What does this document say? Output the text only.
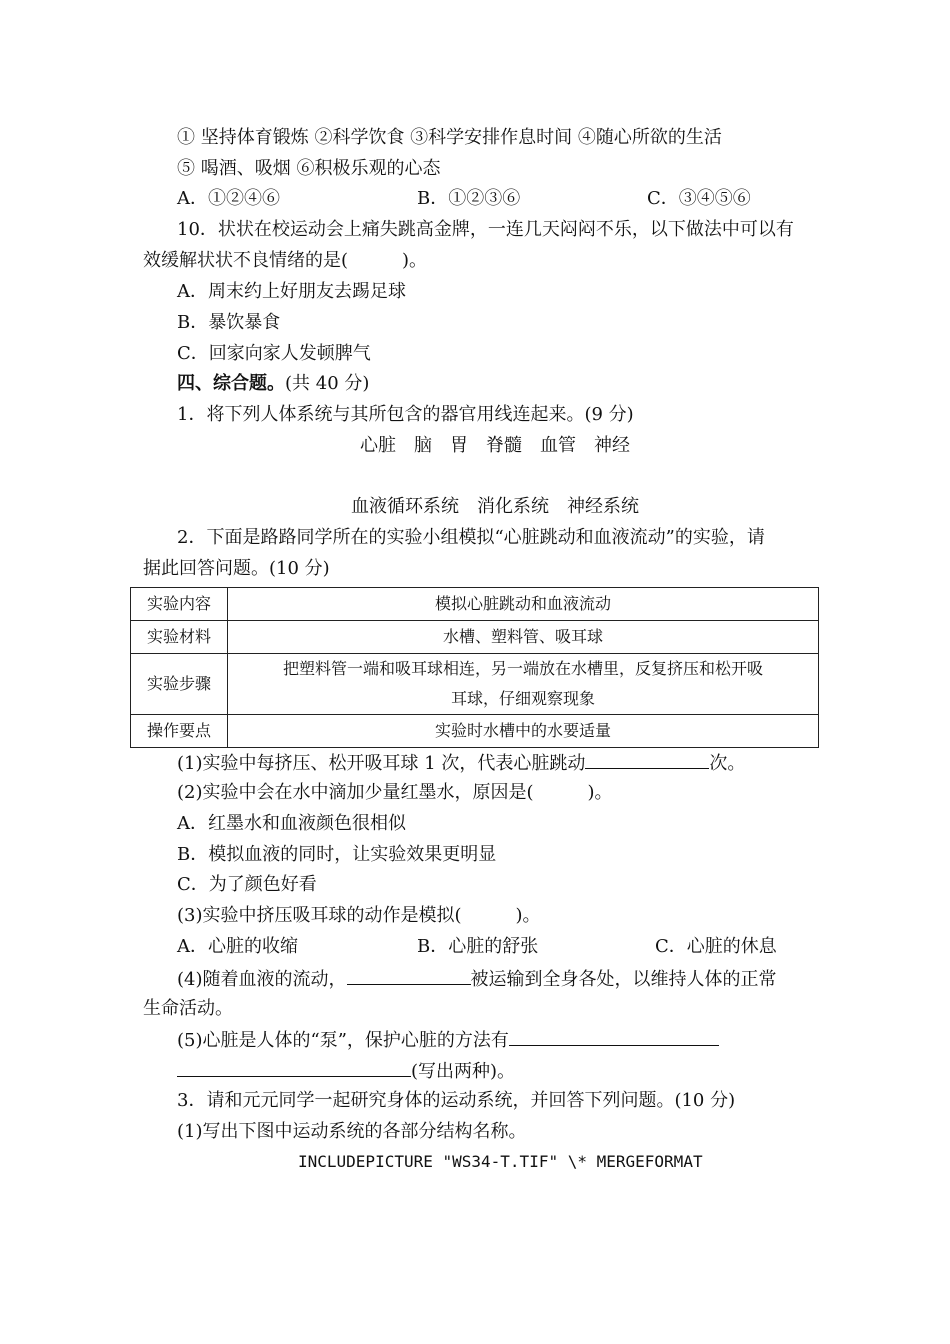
① 坚持体育锻炼 ②科学饮食 ③科学安排作息时间 ④随心所欲的生活
⑤ 喝酒、吸烟 ⑥积极乐观的心态
A．①②④⑥	B．①②③⑥	C．③④⑤⑥
10．状状在校运动会上痛失跳高金牌，一连几天闷闷不乐，以下做法中可以有
效缓解状状不良情绪的是(　　　)。
A．周末约上好朋友去踢足球
B．暴饮暴食
C．回家向家人发顿脾气
四、综合题。(共 40 分)
1．将下列人体系统与其所包含的器官用线连起来。(9 分)
心脏　脑　胃　脊髓　血管　神经
血液循环系统　消化系统　神经系统
2．下面是路路同学所在的实验小组模拟“心脏跳动和血液流动”的实验，请
据此回答问题。(10 分)
实验内容	模拟心脏跳动和血液流动
实验材料	水槽、塑料管、吸耳球
实验步骤	把塑料管一端和吸耳球相连，另一端放在水槽里，反复挤压和松开吸
耳球，仔细观察现象

操作要点	实验时水槽中的水要适量
(1)实验中每挤压、松开吸耳球 1 次，代表心脏跳动	次。
(2)实验中会在水中滴加少量红墨水，原因是(　　　)。
A．红墨水和血液颜色很相似
B．模拟血液的同时，让实验效果更明显
C．为了颜色好看
(3)实验中挤压吸耳球的动作是模拟(　　　)。
A．心脏的收缩	B．心脏的舒张	C．心脏的休息
(4)随着血液的流动，	被运输到全身各处，以维持人体的正常
生命活动。
(5)心脏是人体的“泵”，保护心脏的方法有
(写出两种)。
3．请和元元同学一起研究身体的运动系统，并回答下列问题。(10 分)
(1)写出下图中运动系统的各部分结构名称。
INCLUDEPICTURE "WS34-T.TIF" \* MERGEFORMAT
